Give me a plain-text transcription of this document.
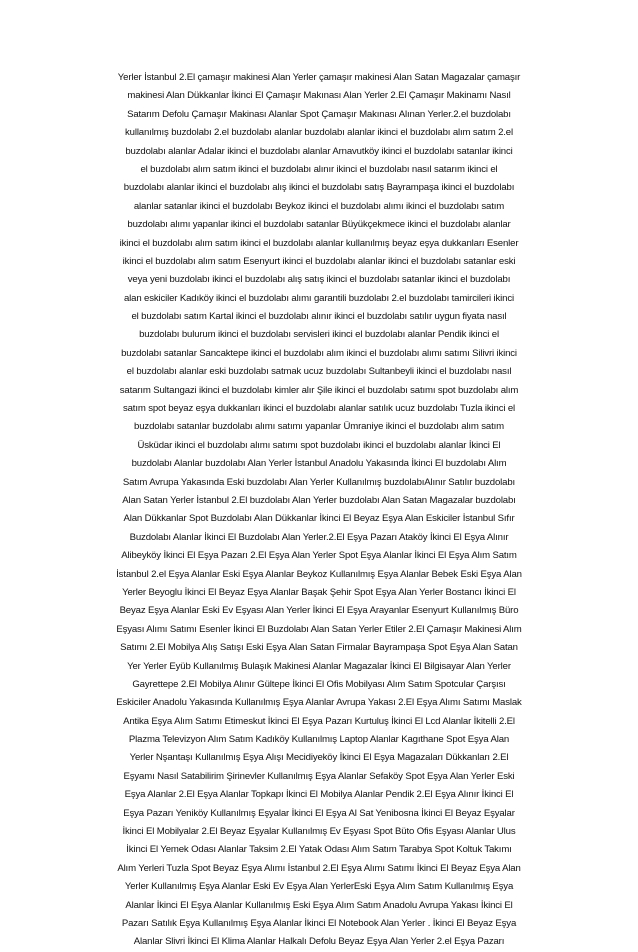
Yerler İstanbul 2.El çamaşır makinesi Alan Yerler çamaşır makinesi Alan Satan Magazalar çamaşır
makinesi Alan Dükkanlar İkinci El Çamaşır Makınası Alan Yerler 2.El Çamaşır Makinamı Nasıl
Satarım Defolu Çamaşır Makinası Alanlar Spot Çamaşır Makınası Alınan Yerler.2.el buzdolabı
kullanılmış buzdolabı 2.el buzdolabı alanlar buzdolabı alanlar ikinci el buzdolabı alım satım 2.el
buzdolabı alanlar Adalar ikinci el buzdolabı alanlar Arnavutköy ikinci el buzdolabı satanlar ikinci
el buzdolabı alım satım ikinci el buzdolabı alınır ikinci el buzdolabı nasıl satarım ikinci el
buzdolabı alanlar ikinci el buzdolabı alış ikinci el buzdolabı satış Bayrampaşa ikinci el buzdolabı
alanlar satanlar ikinci el buzdolabı Beykoz ikinci el buzdolabı alımı ikinci el buzdolabı satım
buzdolabı alımı yapanlar ikinci el buzdolabı satanlar Büyükçekmece ikinci el buzdolabı alanlar
ikinci el buzdolabı alım satım ikinci el buzdolabı alanlar kullanılmış beyaz eşya dukkanları Esenler
ikinci el buzdolabı alım satım Esenyurt ikinci el buzdolabı alanlar ikinci el buzdolabı satanlar eski
veya yeni buzdolabı ikinci el buzdolabı alış satış ikinci el buzdolabı satanlar ikinci el buzdolabı
alan eskiciler Kadıköy ikinci el buzdolabı alımı garantili buzdolabı 2.el buzdolabı tamircileri ikinci
el buzdolabı satım Kartal ikinci el buzdolabı alınır ikinci el buzdolabı satılır uygun fiyata nasıl
buzdolabı bulurum ikinci el buzdolabı servisleri ikinci el buzdolabı alanlar Pendik ikinci el
buzdolabı satanlar Sancaktepe ikinci el buzdolabı alım ikinci el buzdolabı alımı satımı Silivri ikinci
el buzdolabı alanlar eski buzdolabı satmak ucuz buzdolabı Sultanbeyli ikinci el buzdolabı nasıl
satarım Sultangazi ikinci el buzdolabı kimler alır Şile ikinci el buzdolabı satımı spot buzdolabı alım
satım spot beyaz eşya dukkanları ikinci el buzdolabı alanlar satılık ucuz buzdolabı Tuzla ikinci el
buzdolabı satanlar buzdolabı alımı satımı yapanlar Ümraniye ikinci el buzdolabı alım satım
Üsküdar ikinci el buzdolabı alımı satımı spot buzdolabı ikinci el buzdolabı alanlar İkinci El
buzdolabı Alanlar buzdolabı Alan Yerler İstanbul Anadolu Yakasında İkinci El buzdolabı Alım
Satım Avrupa Yakasında Eski buzdolabı Alan Yerler Kullanılmış buzdolabıAlınır Satılır buzdolabı
Alan Satan Yerler İstanbul 2.El buzdolabı Alan Yerler buzdolabı Alan Satan Magazalar buzdolabı
Alan Dükkanlar Spot Buzdolabı Alan Dükkanlar İkinci El Beyaz Eşya Alan Eskiciler İstanbul Sıfır
Buzdolabı Alanlar İkinci El Buzdolabı Alan Yerler.2.El Eşya Pazarı Ataköy İkinci El Eşya Alınır
Alibeyköy İkinci El Eşya Pazarı 2.El Eşya Alan Yerler Spot Eşya Alanlar İkinci El Eşya Alım Satım
İstanbul 2.el Eşya Alanlar Eski Eşya Alanlar Beykoz Kullanılmış Eşya Alanlar Bebek Eski Eşya Alan
Yerler Beyoglu İkinci El Beyaz Eşya Alanlar Başak Şehir Spot Eşya Alan Yerler Bostancı İkinci El
Beyaz Eşya Alanlar Eski Ev Eşyası Alan Yerler İkinci El Eşya Arayanlar Esenyurt Kullanılmış Büro
Eşyası Alımı Satımı Esenler İkinci El Buzdolabı Alan Satan Yerler Etiler 2.El Çamaşır Makinesi Alım
Satımı 2.El Mobilya Alış Satışı Eski Eşya Alan Satan Firmalar Bayrampaşa Spot Eşya Alan Satan
Yer Yerler Eyüb Kullanılmış Bulaşık Makinesi Alanlar Magazalar İkinci El Bilgisayar Alan Yerler
Gayrettepe 2.El Mobilya Alınır Gültepe İkinci El Ofis Mobilyası Alım Satım Spotcular Çarşısı
Eskiciler Anadolu Yakasında Kullanılmış Eşya Alanlar Avrupa Yakası 2.El Eşya Alımı Satımı Maslak
Antika Eşya Alım Satımı Etimeskut İkinci El Eşya Pazarı Kurtuluş İkinci El Lcd Alanlar İkitelli 2.El
Plazma Televizyon Alım Satım Kadıköy Kullanılmış Laptop Alanlar Kagıthane Spot Eşya Alan
Yerler Nşantaşı Kullanılmış Eşya Alışı Mecidiyeköy İkinci El Eşya Magazaları Dükkanları 2.El
Eşyamı Nasıl Satabilirim Şirinevler Kullanılmış Eşya Alanlar Sefaköy Spot Eşya Alan Yerler Eski
Eşya Alanlar 2.El Eşya Alanlar Topkapı İkinci El Mobilya Alanlar Pendik 2.El Eşya Alınır İkinci El
Eşya Pazarı Yeniköy Kullanılmış Eşyalar İkinci El Eşya Al Sat Yenibosna İkinci El Beyaz Eşyalar
İkinci El Mobilyalar 2.El Beyaz Eşyalar Kullanılmış Ev Eşyası Spot Büto Ofis Eşyası Alanlar Ulus
İkinci El Yemek Odası Alanlar Taksim 2.El Yatak Odası Alım Satım Tarabya Spot Koltuk Takımı
Alım Yerleri Tuzla Spot Beyaz Eşya Alımı İstanbul 2.El Eşya Alımı Satımı İkinci El Beyaz Eşya Alan
Yerler Kullanılmış Eşya Alanlar Eski Ev Eşya Alan YerlerEski Eşya Alım Satım Kullanılmış Eşya
Alanlar İkinci El Eşya Alanlar Kullanılmış Eski Eşya Alım Satım Anadolu Avrupa Yakası İkinci El
Pazarı Satılık Eşya Kullanılmış Eşya Alanlar İkinci El Notebook Alan Yerler . İkinci El Beyaz Eşya
Alanlar Slivri İkinci El Klima Alanlar Halkalı Defolu Beyaz Eşya Alan Yerler 2.el Eşya Pazarı
